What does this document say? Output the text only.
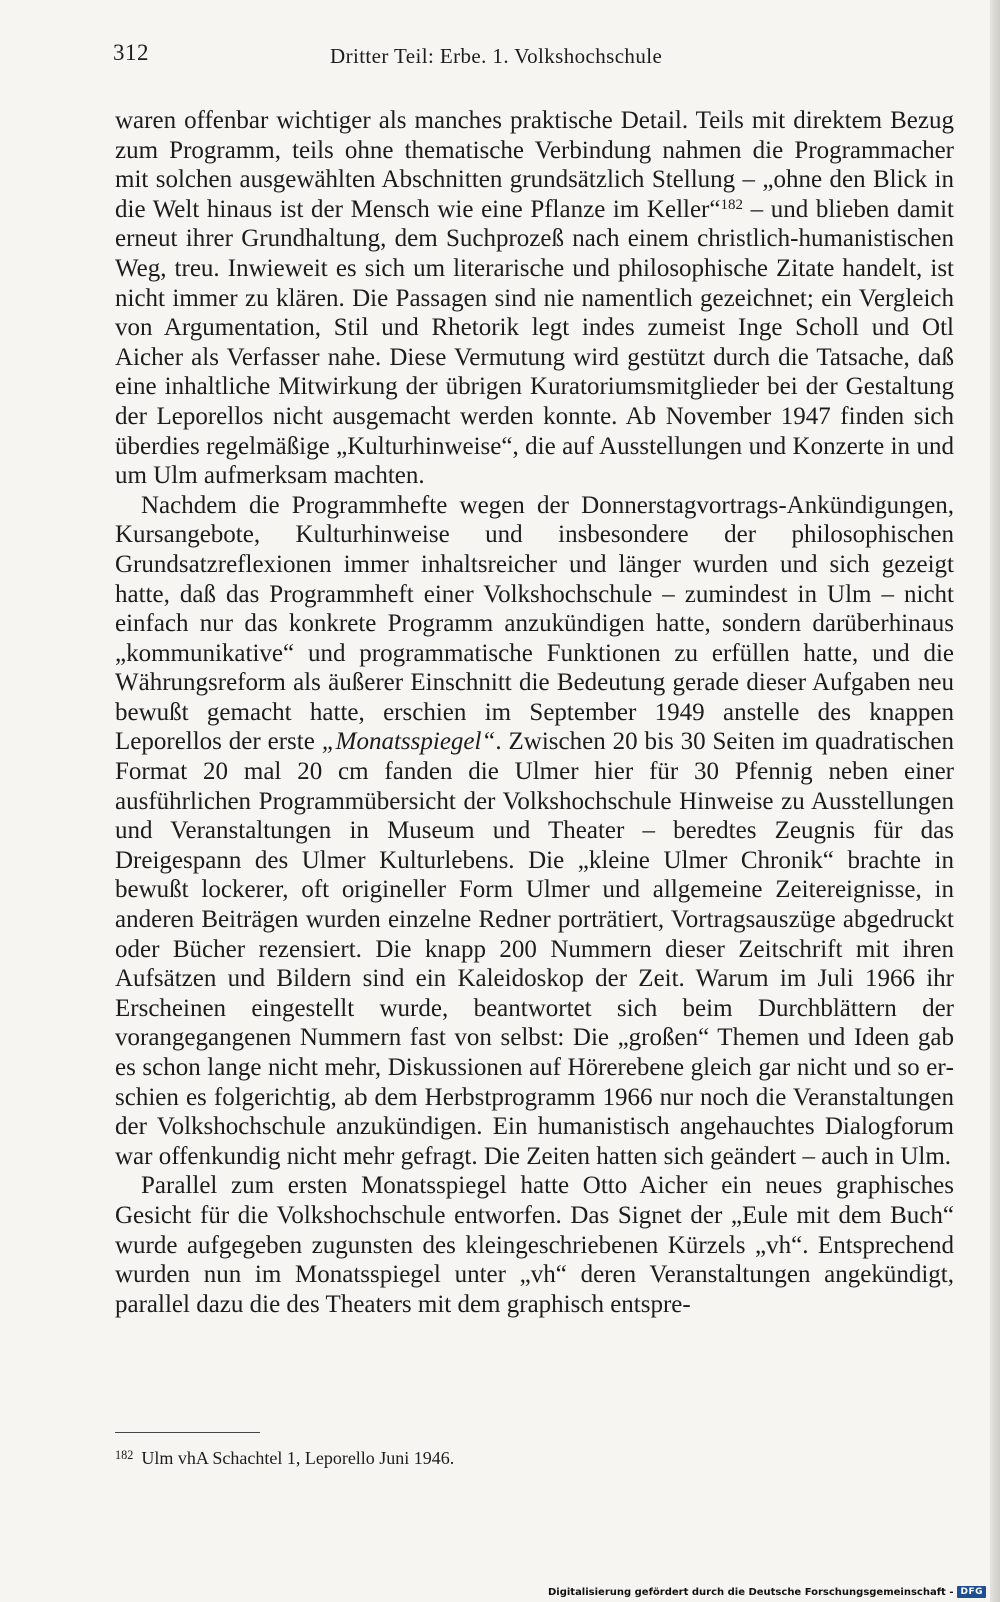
312	Dritter Teil: Erbe. 1. Volkshochschule

waren offenbar wichtiger als manches praktische Detail. Teils mit direktem Bezug zum Programm, teils ohne thematische Verbindung nahmen die Programmacher mit solchen ausgewählten Abschnitten grundsätzlich Stellung – „ohne den Blick in die Welt hinaus ist der Mensch wie eine Pflanze im Keller“$^{182}$ – und blieben damit erneut ihrer Grundhaltung, dem Suchprozeß nach einem christlich-humanistischen Weg, treu. Inwieweit es sich um literarische und philosophische Zitate handelt, ist nicht immer zu klären. Die Passagen sind nie namentlich gezeichnet; ein Vergleich von Argumentation, Stil und Rhetorik legt indes zumeist Inge Scholl und Otl Aicher als Verfasser nahe. Diese Vermutung wird gestützt durch die Tatsache, daß eine inhaltliche Mitwirkung der übrigen Kuratoriumsmitglieder bei der Gestaltung der Leporellos nicht ausgemacht werden konnte. Ab November 1947 finden sich überdies regelmäßige „Kulturhinweise“, die auf Ausstellungen und Konzerte in und um Ulm aufmerksam machten.

Nachdem die Programmhefte wegen der Donnerstagvortrags-Ankündigungen, Kursangebote, Kulturhinweise und insbesondere der philosophischen Grundsatzreflexionen immer inhaltsreicher und länger wurden und sich gezeigt hatte, daß das Programmheft einer Volkshochschule – zumindest in Ulm – nicht einfach nur das konkrete Programm anzukündigen hatte, sondern darüberhinaus „kommunikative“ und programmatische Funktionen zu erfüllen hatte, und die Währungsreform als äußerer Einschnitt die Bedeutung gerade dieser Aufgaben neu bewußt gemacht hatte, erschien im September 1949 anstelle des knappen Leporellos der erste „Monatsspiegel“. Zwischen 20 bis 30 Seiten im quadratischen Format 20 mal 20 cm fanden die Ulmer hier für 30 Pfennig neben einer ausführlichen Programmübersicht der Volkshochschule Hinweise zu Ausstellungen und Veranstaltungen in Museum und Theater – beredtes Zeugnis für das Dreigespann des Ulmer Kulturlebens. Die „kleine Ulmer Chronik“ brachte in bewußt lockerer, oft origineller Form Ulmer und allgemeine Zeitereignisse, in anderen Beiträgen wurden einzelne Redner porträtiert, Vortragsauszüge abgedruckt oder Bücher rezensiert. Die knapp 200 Nummern dieser Zeitschrift mit ihren Aufsätzen und Bildern sind ein Kaleidoskop der Zeit. Warum im Juli 1966 ihr Erscheinen eingestellt wurde, beantwortet sich beim Durchblättern der vorangegangenen Nummern fast von selbst: Die „großen“ Themen und Ideen gab es schon lange nicht mehr, Diskussionen auf Hörerebene gleich gar nicht und so erschien es folgerichtig, ab dem Herbstprogramm 1966 nur noch die Veranstaltungen der Volkshochschule anzukündigen. Ein humanistisch angehauchtes Dialogforum war offenkundig nicht mehr gefragt. Die Zeiten hatten sich geändert – auch in Ulm.

Parallel zum ersten Monatsspiegel hatte Otto Aicher ein neues graphisches Gesicht für die Volkshochschule entworfen. Das Signet der „Eule mit dem Buch“ wurde aufgegeben zugunsten des kleingeschriebenen Kürzels „vh“. Entsprechend wurden nun im Monatsspiegel unter „vh“ deren Veranstaltungen angekündigt, parallel dazu die des Theaters mit dem graphisch entspre-

$^{182}$ Ulm vhA Schachtel 1, Leporello Juni 1946.
Digitalisierung gefördert durch die Deutsche Forschungsgemeinschaft - DFG
